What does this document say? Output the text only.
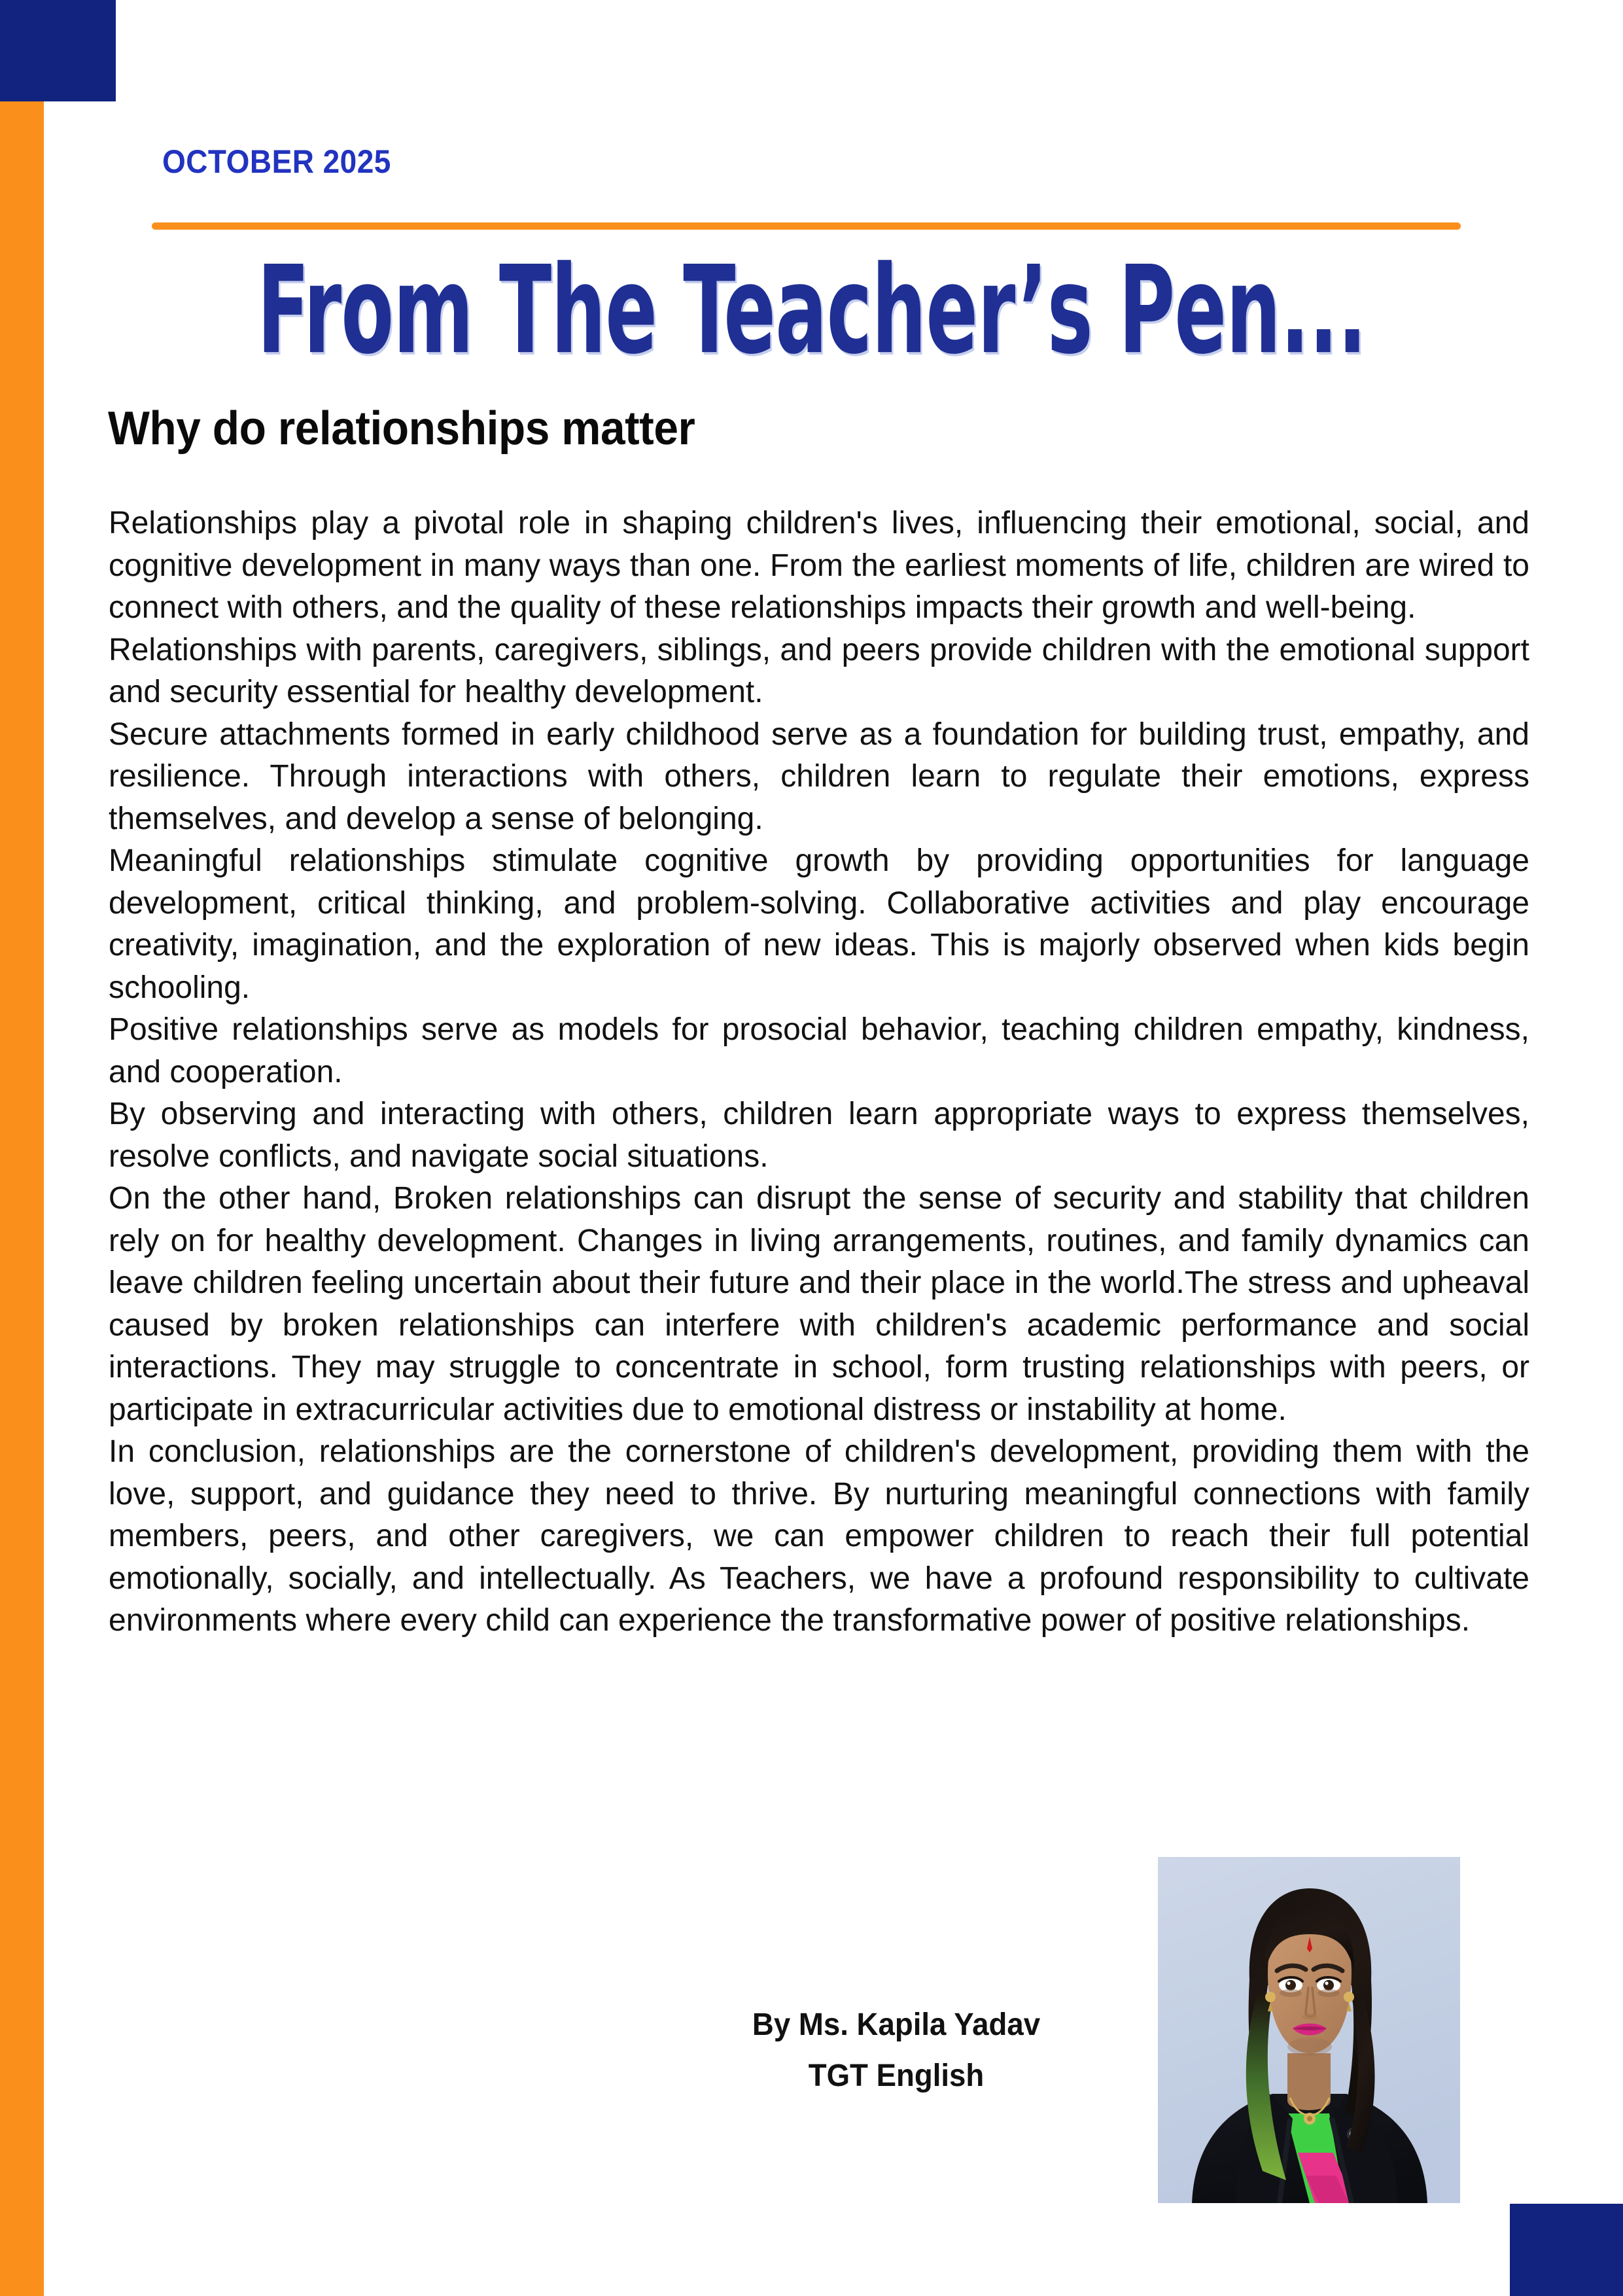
OCTOBER 2025
From The Teacher’s Pen...
Why do relationships matter

Relationships play a pivotal role in shaping children's lives, influencing their emotional, social, and cognitive development in many ways than one. From the earliest moments of life, children are wired to connect with others, and the quality of these relationships impacts their growth and well-being.

Relationships with parents, caregivers, siblings, and peers provide children with the emotional support and security essential for healthy development.

Secure attachments formed in early childhood serve as a foundation for building trust, empathy, and resilience. Through interactions with others, children learn to regulate their emotions, express themselves, and develop a sense of belonging.

Meaningful relationships stimulate cognitive growth by providing opportunities for language development, critical thinking, and problem-solving. Collaborative activities and play encourage creativity, imagination, and the exploration of new ideas. This is majorly observed when kids begin schooling.

Positive relationships serve as models for prosocial behavior, teaching children empathy, kindness, and cooperation.

By observing and interacting with others, children learn appropriate ways to express themselves, resolve conflicts, and navigate social situations.

On the other hand, Broken relationships can disrupt the sense of security and stability that children rely on for healthy development. Changes in living arrangements, routines, and family dynamics can leave children feeling uncertain about their future and their place in the world.The stress and upheaval caused by broken relationships can interfere with children's academic performance and social interactions. They may struggle to concentrate in school, form trusting relationships with peers, or participate in extracurricular activities due to emotional distress or instability at home.

In conclusion, relationships are the cornerstone of children's development, providing them with the love, support, and guidance they need to thrive. By nurturing meaningful connections with family members, peers, and other caregivers, we can empower children to reach their full potential emotionally, socially, and intellectually. As Teachers, we have a profound responsibility to cultivate environments where every child can experience the transformative power of positive relationships.

By Ms. Kapila Yadav
TGT English
